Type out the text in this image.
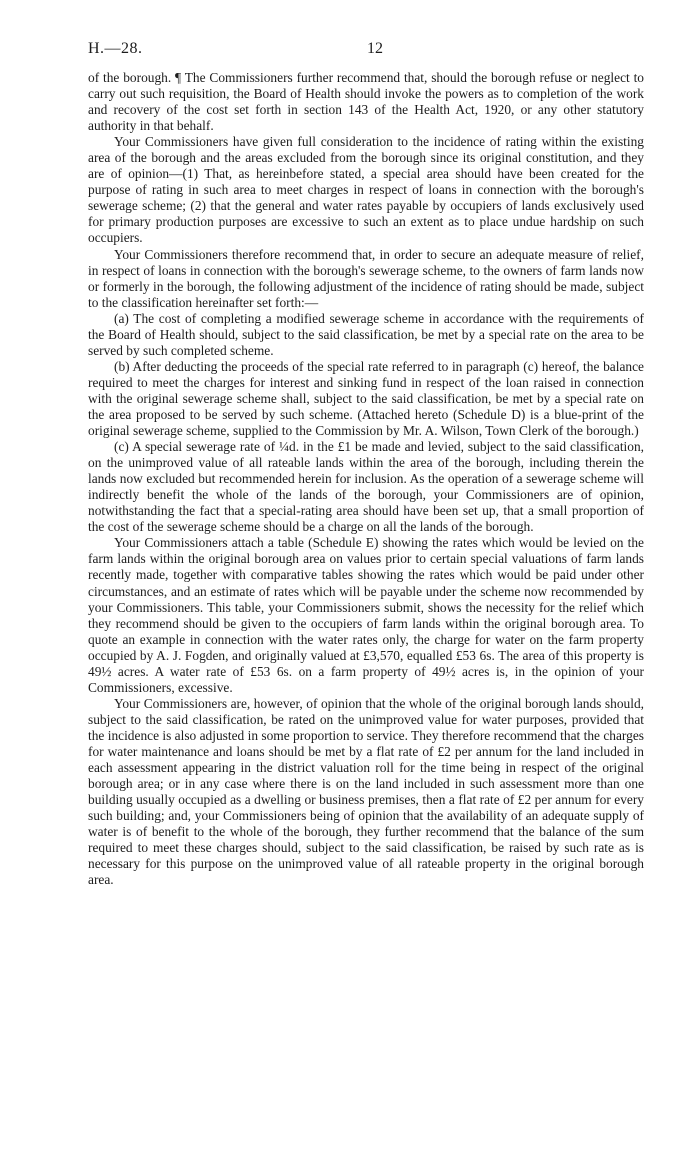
H.—28.	12

of the borough. ¶ The Commissioners further recommend that, should the borough refuse or neglect to carry out such requisition, the Board of Health should invoke the powers as to completion of the work and recovery of the cost set forth in section 143 of the Health Act, 1920, or any other statutory authority in that behalf.

Your Commissioners have given full consideration to the incidence of rating within the existing area of the borough and the areas excluded from the borough since its original constitution, and they are of opinion—(1) That, as hereinbefore stated, a special area should have been created for the purpose of rating in such area to meet charges in respect of loans in connection with the borough's sewerage scheme; (2) that the general and water rates payable by occupiers of lands exclusively used for primary production purposes are excessive to such an extent as to place undue hardship on such occupiers.

Your Commissioners therefore recommend that, in order to secure an adequate measure of relief, in respect of loans in connection with the borough's sewerage scheme, to the owners of farm lands now or formerly in the borough, the following adjustment of the incidence of rating should be made, subject to the classification hereinafter set forth:—

(a) The cost of completing a modified sewerage scheme in accordance with the requirements of the Board of Health should, subject to the said classification, be met by a special rate on the area to be served by such completed scheme.

(b) After deducting the proceeds of the special rate referred to in paragraph (c) hereof, the balance required to meet the charges for interest and sinking fund in respect of the loan raised in connection with the original sewerage scheme shall, subject to the said classification, be met by a special rate on the area proposed to be served by such scheme. (Attached hereto (Schedule D) is a blue-print of the original sewerage scheme, supplied to the Commission by Mr. A. Wilson, Town Clerk of the borough.)

(c) A special sewerage rate of ¼d. in the £1 be made and levied, subject to the said classification, on the unimproved value of all rateable lands within the area of the borough, including therein the lands now excluded but recommended herein for inclusion. As the operation of a sewerage scheme will indirectly benefit the whole of the lands of the borough, your Commissioners are of opinion, notwithstanding the fact that a special-rating area should have been set up, that a small proportion of the cost of the sewerage scheme should be a charge on all the lands of the borough.

Your Commissioners attach a table (Schedule E) showing the rates which would be levied on the farm lands within the original borough area on values prior to certain special valuations of farm lands recently made, together with comparative tables showing the rates which would be paid under other circumstances, and an estimate of rates which will be payable under the scheme now recommended by your Commissioners. This table, your Commissioners submit, shows the necessity for the relief which they recommend should be given to the occupiers of farm lands within the original borough area. To quote an example in connection with the water rates only, the charge for water on the farm property occupied by A. J. Fogden, and originally valued at £3,570, equalled £53 6s. The area of this property is 49½ acres. A water rate of £53 6s. on a farm property of 49½ acres is, in the opinion of your Commissioners, excessive.

Your Commissioners are, however, of opinion that the whole of the original borough lands should, subject to the said classification, be rated on the unimproved value for water purposes, provided that the incidence is also adjusted in some proportion to service. They therefore recommend that the charges for water maintenance and loans should be met by a flat rate of £2 per annum for the land included in each assessment appearing in the district valuation roll for the time being in respect of the original borough area; or in any case where there is on the land included in such assessment more than one building usually occupied as a dwelling or business premises, then a flat rate of £2 per annum for every such building; and, your Commissioners being of opinion that the availability of an adequate supply of water is of benefit to the whole of the borough, they further recommend that the balance of the sum required to meet these charges should, subject to the said classification, be raised by such rate as is necessary for this purpose on the unimproved value of all rateable property in the original borough area.
